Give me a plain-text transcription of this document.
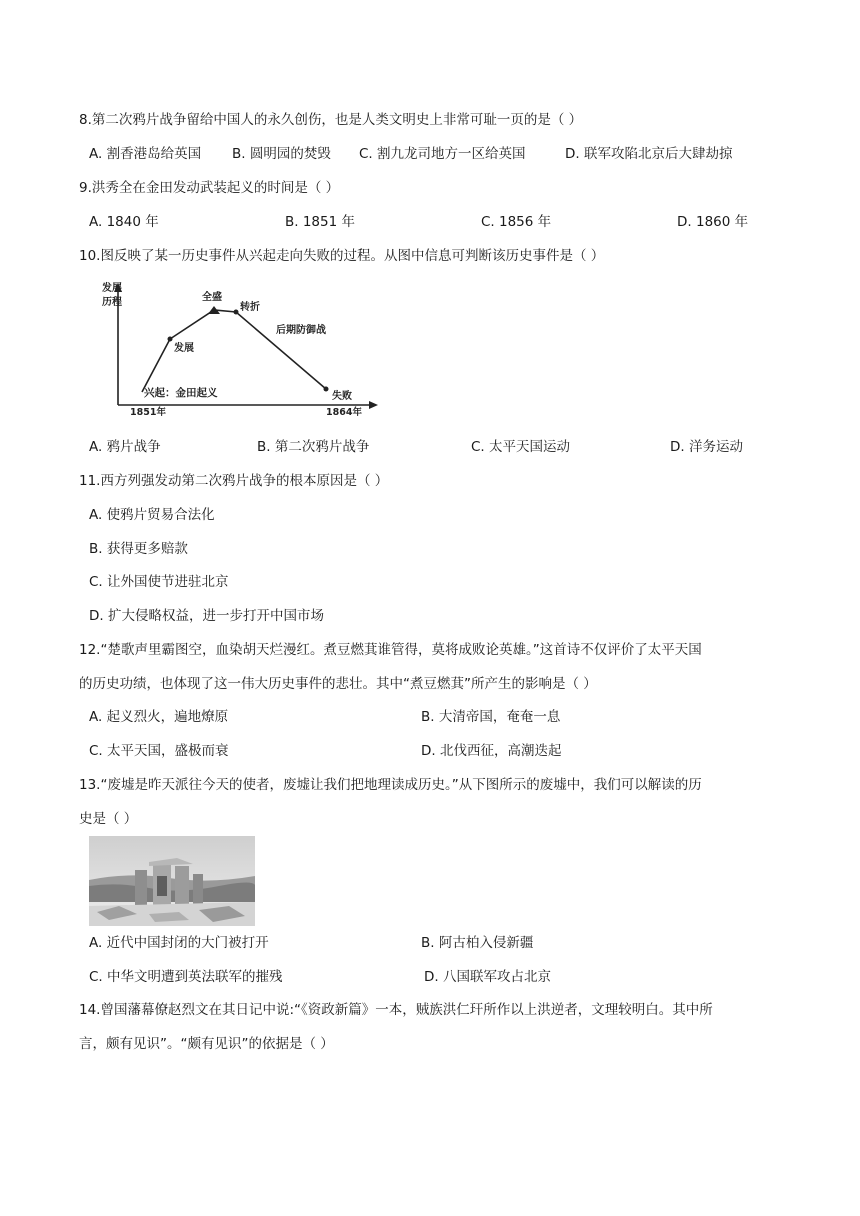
8.第二次鸦片战争留给中国人的永久创伤，也是人类文明史上非常可耻一页的是（ ）
A. 割香港岛给英国 B. 圆明园的焚毁 C. 割九龙司地方一区给英国	D. 联军攻陷北京后大肆劫掠
9.洪秀全在金田发动武装起义的时间是（ ）
A. 1840 年	B. 1851 年	C. 1856 年	D. 1860 年
10.图反映了某一历史事件从兴起走向失败的过程。从图中信息可判断该历史事件是（ ）
发展
历程
兴起：金田起义
发展
全盛
转折
后期防御战
失败
1851年	1864年
A. 鸦片战争	B. 第二次鸦片战争	C. 太平天国运动	D. 洋务运动
11.西方列强发动第二次鸦片战争的根本原因是（ ）
A. 使鸦片贸易合法化
B. 获得更多赔款
C. 让外国使节进驻北京
D. 扩大侵略权益，进一步打开中国市场
12.“楚歌声里霸图空，血染胡天烂漫红。煮豆燃萁谁管得，莫将成败论英雄。”这首诗不仅评价了太平天国
的历史功绩，也体现了这一伟大历史事件的悲壮。其中“煮豆燃萁”所产生的影响是（ ）
A. 起义烈火，遍地燎原	B. 大清帝国，奄奄一息
C. 太平天国，盛极而衰	D. 北伐西征，高潮迭起
13.“废墟是昨天派往今天的使者，废墟让我们把地理读成历史。”从下图所示的废墟中，我们可以解读的历
史是（ ）
A. 近代中国封闭的大门被打开	B. 阿古柏入侵新疆
C. 中华文明遭到英法联军的摧残	D. 八国联军攻占北京
14.曾国藩幕僚赵烈文在其日记中说:“《资政新篇》一本，贼族洪仁玕所作以上洪逆者，文理较明白。其中所
言，颇有见识”。“颇有见识”的依据是（ ）
